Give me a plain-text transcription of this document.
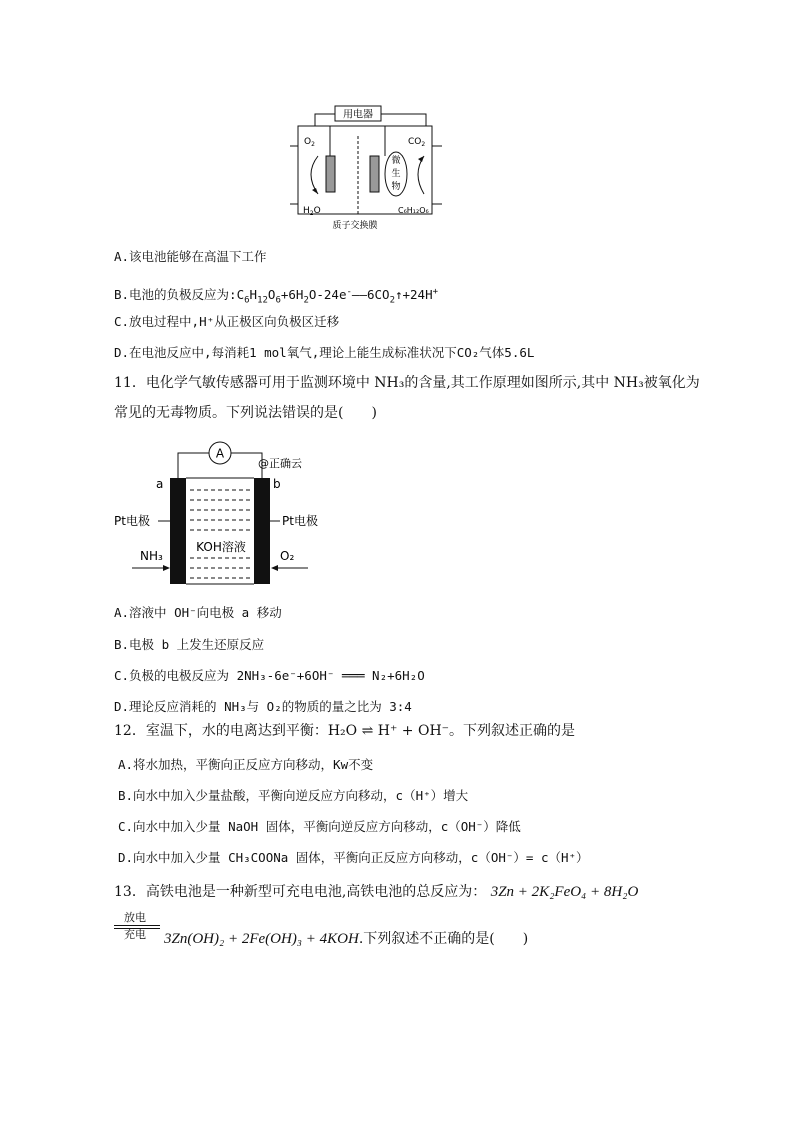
用电器
微
生
物
$O_2$
$H_2O$
$CO_2$
C₆H₁₂O₆
质子交换膜
A.该电池能够在高温下工作
B.电池的负极反应为$:C_6H_{12}O_6+6H_2O-24e^-——6CO_2↑+24H^+$
C.放电过程中,H⁺从正极区向负极区迁移
D.在电池反应中,每消耗1 mol氧气,理论上能生成标准状况下CO₂气体5.6L
11．电化学气敏传感器可用于监测环境中 NH₃的含量,其工作原理如图所示,其中 NH₃被氧化为
常见的无毒物质。下列说法错误的是(　　)
A
@正确云
a	b
KOH溶液
Pt电极	Pt电极
NH₃	O₂
A.溶液中 OH⁻向电极 a 移动
B.电极 b 上发生还原反应
C.负极的电极反应为 2NH₃-6e⁻+6OH⁻ ═══ N₂+6H₂O
D.理论反应消耗的 NH₃与 O₂的物质的量之比为 3:4
12．室温下，水的电离达到平衡：H₂O ⇌ H⁺ + OH⁻。下列叙述正确的是
A.将水加热，平衡向正反应方向移动，Kw不变
B.向水中加入少量盐酸，平衡向逆反应方向移动，c（H⁺）增大
C.向水中加入少量 NaOH 固体，平衡向逆反应方向移动，c（OH⁻）降低
D.向水中加入少量 CH₃COONa 固体，平衡向正反应方向移动，c（OH⁻）= c（H⁺）
13．高铁电池是一种新型可充电电池,高铁电池的总反应为： 3Zn + 2K₂FeO₄ + 8H₂O
放电
充电 3Zn(OH)₂ + 2Fe(OH)₃ + 4KOH.下列叙述不正确的是(　　)
